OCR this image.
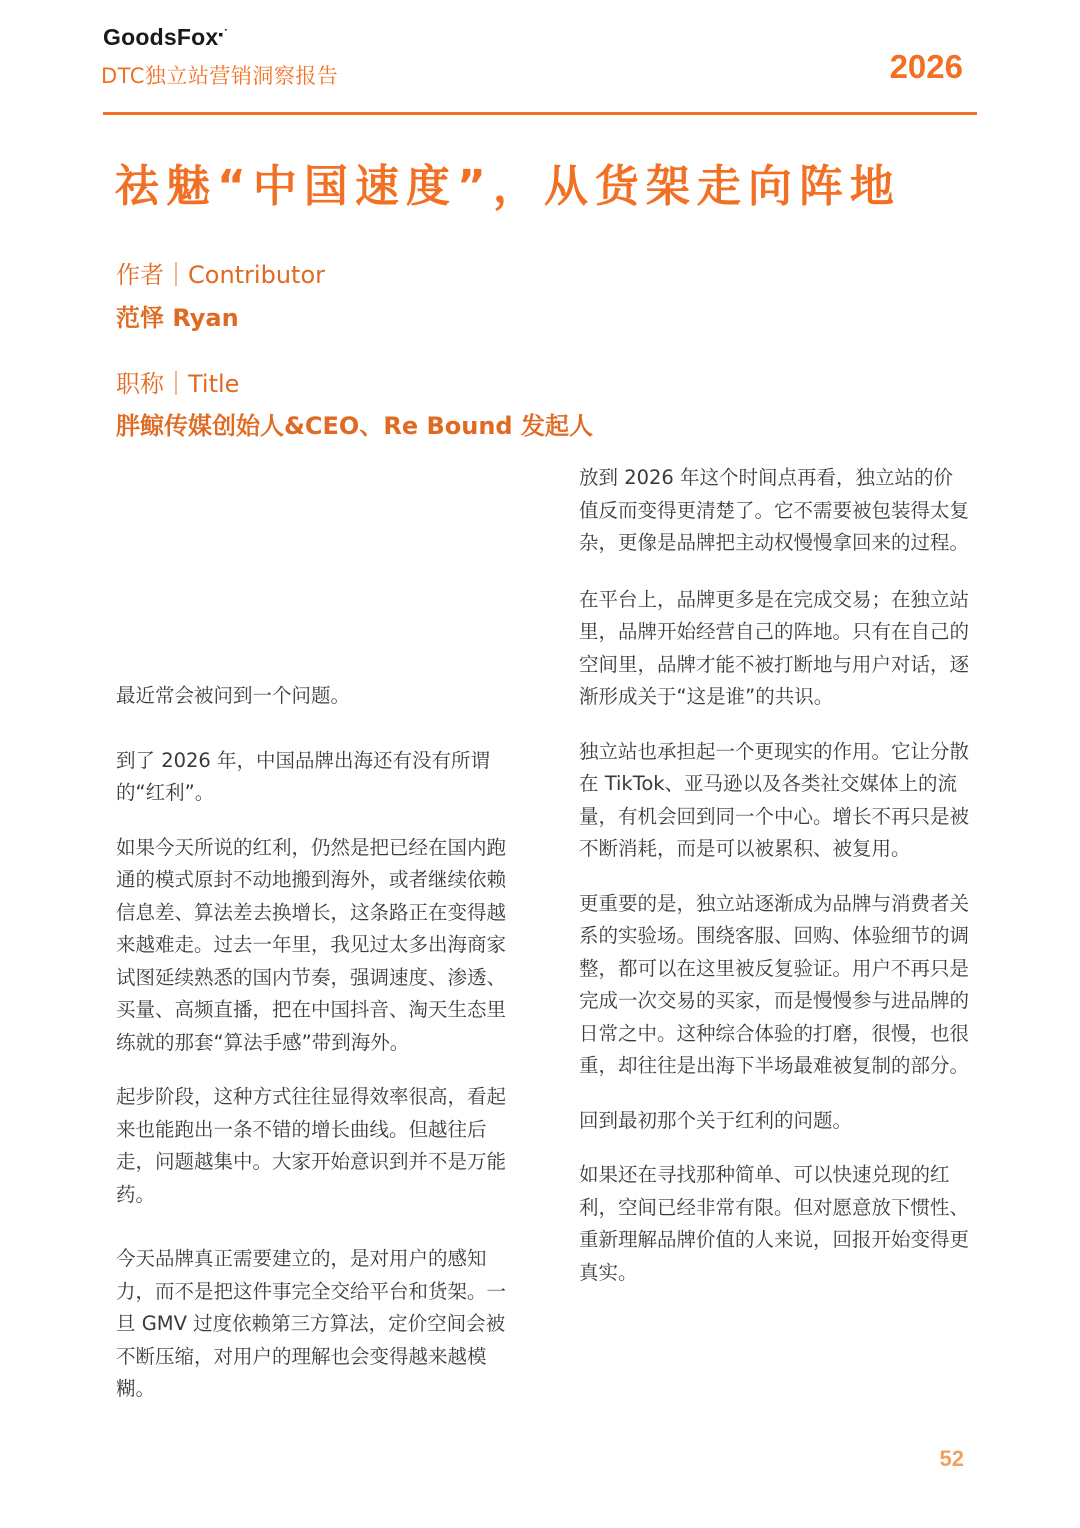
GoodsFox▪˙
DTC独立站营销洞察报告	2026
祛魅“中国速度”，从货架走向阵地
作者｜Contributor
范怿 Ryan
职称｜Title
胖鲸传媒创始人&CEO、Re Bound 发起人

最近常会被问到一个问题。

到了 2026 年，中国品牌出海还有没有所谓的“红利”。

如果今天所说的红利，仍然是把已经在国内跑通的模式原封不动地搬到海外，或者继续依赖信息差、算法差去换增长，这条路正在变得越来越难走。过去一年里，我见过太多出海商家试图延续熟悉的国内节奏，强调速度、渗透、买量、高频直播，把在中国抖音、淘天生态里练就的那套“算法手感”带到海外。

起步阶段，这种方式往往显得效率很高，看起来也能跑出一条不错的增长曲线。但越往后走，问题越集中。大家开始意识到并不是万能药。

今天品牌真正需要建立的，是对用户的感知力，而不是把这件事完全交给平台和货架。一旦 GMV 过度依赖第三方算法，定价空间会被不断压缩，对用户的理解也会变得越来越模糊。

放到 2026 年这个时间点再看，独立站的价值反而变得更清楚了。它不需要被包装得太复杂，更像是品牌把主动权慢慢拿回来的过程。

在平台上，品牌更多是在完成交易；在独立站里，品牌开始经营自己的阵地。只有在自己的空间里，品牌才能不被打断地与用户对话，逐渐形成关于“这是谁”的共识。

独立站也承担起一个更现实的作用。它让分散在 TikTok、亚马逊以及各类社交媒体上的流量，有机会回到同一个中心。增长不再只是被不断消耗，而是可以被累积、被复用。

更重要的是，独立站逐渐成为品牌与消费者关系的实验场。围绕客服、回购、体验细节的调整，都可以在这里被反复验证。用户不再只是完成一次交易的买家，而是慢慢参与进品牌的日常之中。这种综合体验的打磨，很慢，也很重，却往往是出海下半场最难被复制的部分。

回到最初那个关于红利的问题。

如果还在寻找那种简单、可以快速兑现的红利，空间已经非常有限。但对愿意放下惯性、重新理解品牌价值的人来说，回报开始变得更真实。

52
